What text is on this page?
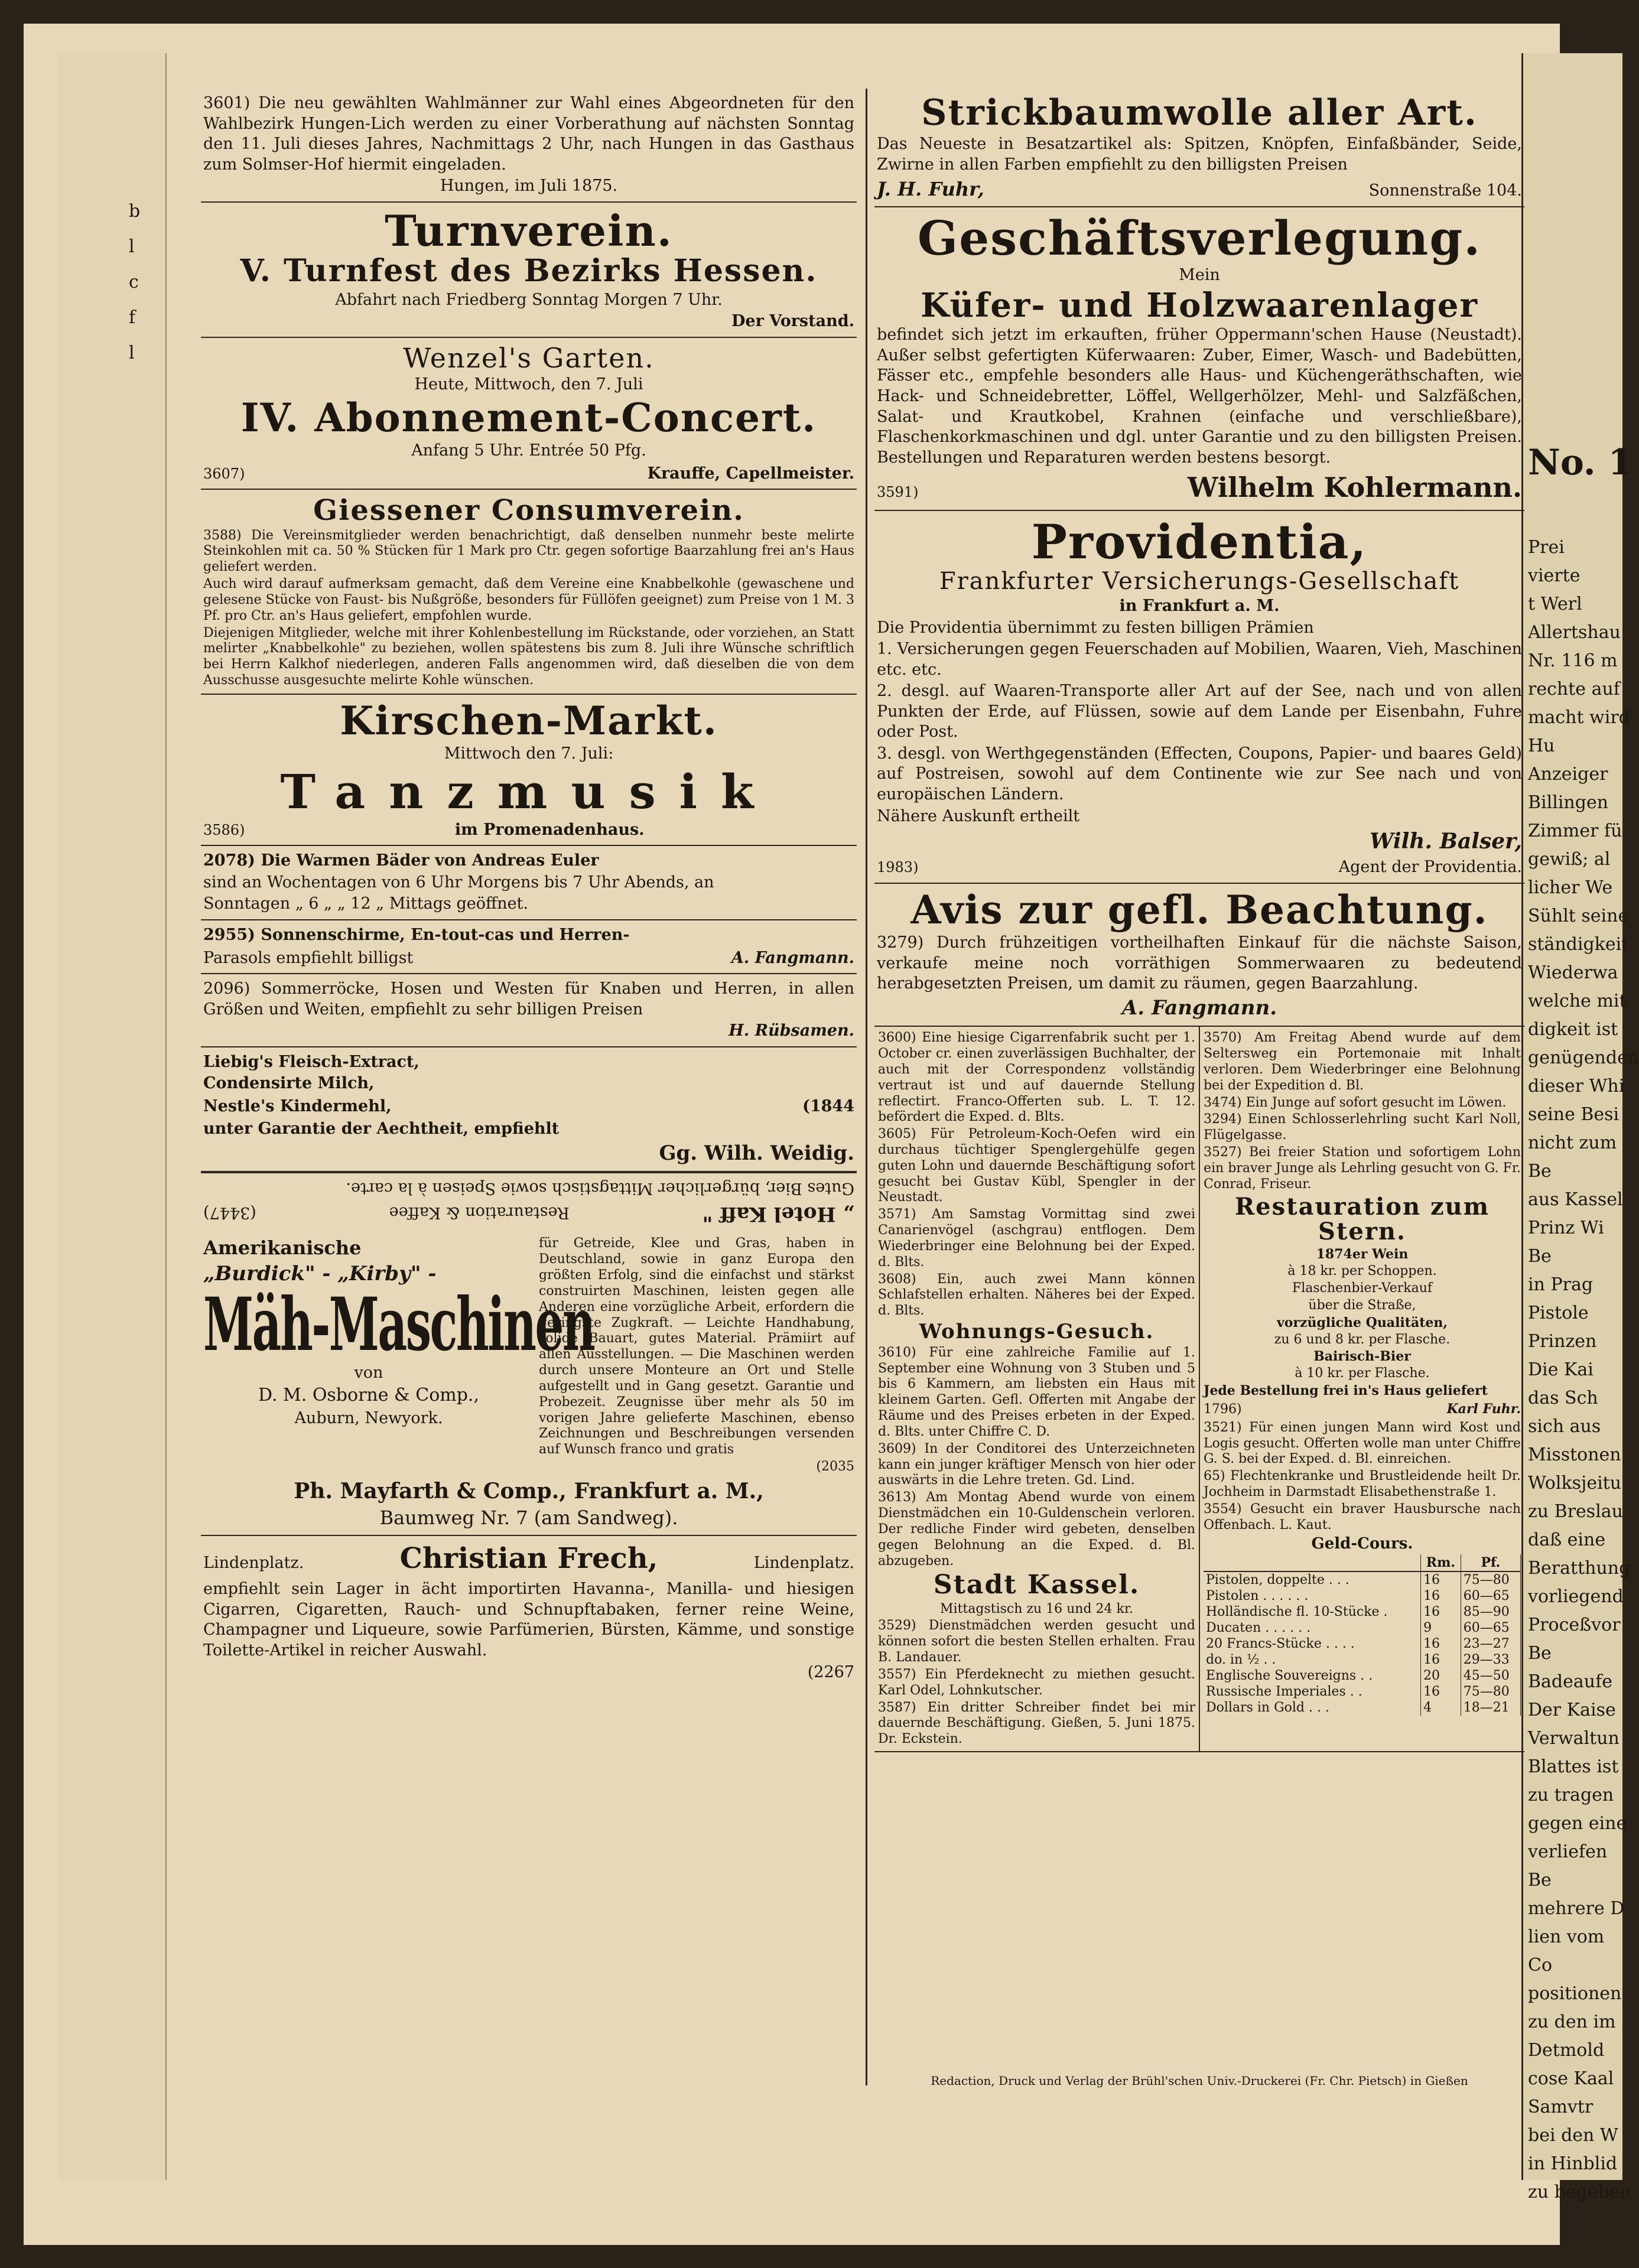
b
l
c
f
l
No. 1
Prei
vierte
t Werl
Allertshau
Nr. 116 m
rechte auf
macht wird
Hu
Anzeiger
Billingen
Zimmer fü
gewiß; al
licher We
Sühlt seine
ständigkeit
Wiederwa
welche mit
digkeit ist
genügenden
dieser Whi
seine Besi
nicht zum
Be
aus Kassel
Prinz Wi
Be
in Prag
Pistole
Prinzen
Die Kai
das Sch
sich aus
Misstonen
Wolksjeitu
zu Breslau
daß eine
Beratthung
vorliegend
Proceßvor
Be
Badeaufe
Der Kaise
Verwaltun
Blattes ist
zu tragen
gegen eine
verliefen
Be
mehrere D
lien vom
Co
positionen
zu den im
Detmold
cose Kaal
Samvtr
bei den W
in Hinblid
zu begeben

3601) Die neu gewählten Wahlmänner zur Wahl eines Abgeordneten für den Wahlbezirk Hungen-Lich werden zu einer Vorberathung auf nächsten Sonntag den 11. Juli dieses Jahres, Nachmittags 2 Uhr, nach Hungen in das Gasthaus zum Solmser-Hof hiermit eingeladen.

Hungen, im Juli 1875.

Turnverein.
V. Turnfest des Bezirks Hessen.

Abfahrt nach Friedberg Sonntag Morgen 7 Uhr.

Der Vorstand.

Wenzel's Garten.

Heute, Mittwoch, den 7. Juli

IV. Abonnement-Concert.

Anfang 5 Uhr. Entrée 50 Pfg.

3607)	Krauffe, Capellmeister.

Giessener Consumverein.

3588) Die Vereinsmitglieder werden benachrichtigt, daß denselben nunmehr beste melirte Steinkohlen mit ca. 50 % Stücken für 1 Mark pro Ctr. gegen sofortige Baarzahlung frei an's Haus geliefert werden.

Auch wird darauf aufmerksam gemacht, daß dem Vereine eine Knabbelkohle (gewaschene und gelesene Stücke von Faust- bis Nußgröße, besonders für Füllöfen geeignet) zum Preise von 1 M. 3 Pf. pro Ctr. an's Haus geliefert, empfohlen wurde.

Diejenigen Mitglieder, welche mit ihrer Kohlenbestellung im Rückstande, oder vorziehen, an Statt melirter „Knabbelkohle" zu beziehen, wollen spätestens bis zum 8. Juli ihre Wünsche schriftlich bei Herrn Kalkhof niederlegen, anderen Falls angenommen wird, daß dieselben die von dem Ausschusse ausgesuchte melirte Kohle wünschen.

Kirschen-Markt.

Mittwoch den 7. Juli:

Tanzmusik

3586)	im Promenadenhaus.

2078) Die Warmen Bäder von Andreas Euler

sind an Wochentagen von 6 Uhr Morgens bis 7 Uhr Abends, an

Sonntagen „ 6 „ „ 12 „ Mittags geöffnet.

2955) Sonnenschirme, En-tout-cas und Herren-

Parasols empfiehlt billigst	A. Fangmann.

2096) Sommerröcke, Hosen und Westen für Knaben und Herren, in allen Größen und Weiten, empfiehlt zu sehr billigen Preisen

H. Rübsamen.

Liebig's Fleisch-Extract,

Condensirte Milch,

Nestle's Kindermehl,	(1844

unter Garantie der Aechtheit, empfiehlt

Gg. Wilh. Weidig.

„ Hotel Kaff "

Restauration & Kaffee

(3447)

Gutes Bier, bürgerlicher Mittagstisch sowie Speisen à la carte.

Amerikanische

„Burdick" - „Kirby" -

Mäh-Maschinen

von

D. M. Osborne & Comp.,

Auburn, Newyork.

für Getreide, Klee und Gras, haben in Deutschland, sowie in ganz Europa den größten Erfolg, sind die einfachst und stärkst construirten Maschinen, leisten gegen alle Anderen eine vorzügliche Arbeit, erfordern die geringste Zugkraft. — Leichte Handhabung, solide Bauart, gutes Material. Prämiirt auf allen Ausstellungen. — Die Maschinen werden durch unsere Monteure an Ort und Stelle aufgestellt und in Gang gesetzt. Garantie und Probezeit. Zeugnisse über mehr als 50 im vorigen Jahre gelieferte Maschinen, ebenso Zeichnungen und Beschreibungen versenden auf Wunsch franco und gratis

(2035

Ph. Mayfarth & Comp., Frankfurt a. M.,

Baumweg Nr. 7 (am Sandweg).

Lindenplatz.	Christian Frech,	Lindenplatz.

empfiehlt sein Lager in ächt importirten Havanna-, Manilla- und hiesigen Cigarren, Cigaretten, Rauch- und Schnupftabaken, ferner reine Weine, Champagner und Liqueure, sowie Parfümerien, Bürsten, Kämme, und sonstige Toilette-Artikel in reicher Auswahl.

(2267

Strickbaumwolle aller Art.

Das Neueste in Besatzartikel als: Spitzen, Knöpfen, Einfaßbänder, Seide, Zwirne in allen Farben empfiehlt zu den billigsten Preisen

J. H. Fuhr,	Sonnenstraße 104.

Geschäftsverlegung.

Mein

Küfer- und Holzwaarenlager

befindet sich jetzt im erkauften, früher Oppermann'schen Hause (Neustadt). Außer selbst gefertigten Küferwaaren: Zuber, Eimer, Wasch- und Badebütten, Fässer etc., empfehle besonders alle Haus- und Küchengeräthschaften, wie Hack- und Schneidebretter, Löffel, Wellgerhölzer, Mehl- und Salzfäßchen, Salat- und Krautkobel, Krahnen (einfache und verschließbare), Flaschenkorkmaschinen und dgl. unter Garantie und zu den billigsten Preisen. Bestellungen und Reparaturen werden bestens besorgt.

3591)	Wilhelm Kohlermann.

Providentia,
Frankfurter Versicherungs-Gesellschaft

in Frankfurt a. M.

Die Providentia übernimmt zu festen billigen Prämien

1. Versicherungen gegen Feuerschaden auf Mobilien, Waaren, Vieh, Maschinen etc. etc.

2. desgl. auf Waaren-Transporte aller Art auf der See, nach und von allen Punkten der Erde, auf Flüssen, sowie auf dem Lande per Eisenbahn, Fuhre oder Post.

3. desgl. von Werthgegenständen (Effecten, Coupons, Papier- und baares Geld) auf Postreisen, sowohl auf dem Continente wie zur See nach und von europäischen Ländern.

Nähere Auskunft ertheilt

Wilh. Balser,

1983)	Agent der Providentia.

Avis zur gefl. Beachtung.

3279) Durch frühzeitigen vortheilhaften Einkauf für die nächste Saison, verkaufe meine noch vorräthigen Sommerwaaren zu bedeutend herabgesetzten Preisen, um damit zu räumen, gegen Baarzahlung.

A. Fangmann.

3600) Eine hiesige Cigarrenfabrik sucht per 1. October cr. einen zuverlässigen Buchhalter, der auch mit der Correspondenz vollständig vertraut ist und auf dauernde Stellung reflectirt. Franco-Offerten sub. L. T. 12. befördert die Exped. d. Blts.

3605) Für Petroleum-Koch-Oefen wird ein durchaus tüchtiger Spenglergehülfe gegen guten Lohn und dauernde Beschäftigung sofort gesucht bei Gustav Kübl, Spengler in der Neustadt.

3571) Am Samstag Vormittag sind zwei Canarienvögel (aschgrau) entflogen. Dem Wiederbringer eine Belohnung bei der Exped. d. Blts.

3608) Ein, auch zwei Mann können Schlafstellen erhalten. Näheres bei der Exped. d. Blts.

Wohnungs-Gesuch.

3610) Für eine zahlreiche Familie auf 1. September eine Wohnung von 3 Stuben und 5 bis 6 Kammern, am liebsten ein Haus mit kleinem Garten. Gefl. Offerten mit Angabe der Räume und des Preises erbeten in der Exped. d. Blts. unter Chiffre C. D.

3609) In der Conditorei des Unterzeichneten kann ein junger kräftiger Mensch von hier oder auswärts in die Lehre treten. Gd. Lind.

3613) Am Montag Abend wurde von einem Dienstmädchen ein 10-Guldenschein verloren. Der redliche Finder wird gebeten, denselben gegen Belohnung an die Exped. d. Bl. abzugeben.

Stadt Kassel.

Mittagstisch zu 16 und 24 kr.

3529) Dienstmädchen werden gesucht und können sofort die besten Stellen erhalten. Frau B. Landauer.

3557) Ein Pferdeknecht zu miethen gesucht. Karl Odel, Lohnkutscher.

3587) Ein dritter Schreiber findet bei mir dauernde Beschäftigung. Gießen, 5. Juni 1875. Dr. Eckstein.

3570) Am Freitag Abend wurde auf dem Seltersweg ein Portemonaie mit Inhalt verloren. Dem Wiederbringer eine Belohnung bei der Expedition d. Bl.

3474) Ein Junge auf sofort gesucht im Löwen.

3294) Einen Schlosserlehrling sucht Karl Noll, Flügelgasse.

3527) Bei freier Station und sofortigem Lohn ein braver Junge als Lehrling gesucht von G. Fr. Conrad, Friseur.

Restauration zum Stern.

1874er Wein

à 18 kr. per Schoppen.

Flaschenbier-Verkauf

über die Straße,

vorzügliche Qualitäten,

zu 6 und 8 kr. per Flasche.

Bairisch-Bier

à 10 kr. per Flasche.

Jede Bestellung frei in's Haus geliefert

1796)	Karl Fuhr.

3521) Für einen jungen Mann wird Kost und Logis gesucht. Offerten wolle man unter Chiffre G. S. bei der Exped. d. Bl. einreichen.

65) Flechtenkranke und Brustleidende heilt Dr. Jochheim in Darmstadt Elisabethenstraße 1.

3554) Gesucht ein braver Hausbursche nach Offenbach. L. Kaut.

Geld-Cours.

	Rm.	Pf.
Pistolen, doppelte . . .	16	75—80
Pistolen . . . . . .	16	60—65
Holländische fl. 10-Stücke .	16	85—90
Ducaten . . . . . .	9	60—65
20 Francs-Stücke . . . .	16	23—27
do. in ½ . .	16	29—33
Englische Souvereigns . .	20	45—50
Russische Imperiales . .	16	75—80
Dollars in Gold . . .	4	18—21
Redaction, Druck und Verlag der Brühl'schen Univ.-Druckerei (Fr. Chr. Pietsch) in Gießen
